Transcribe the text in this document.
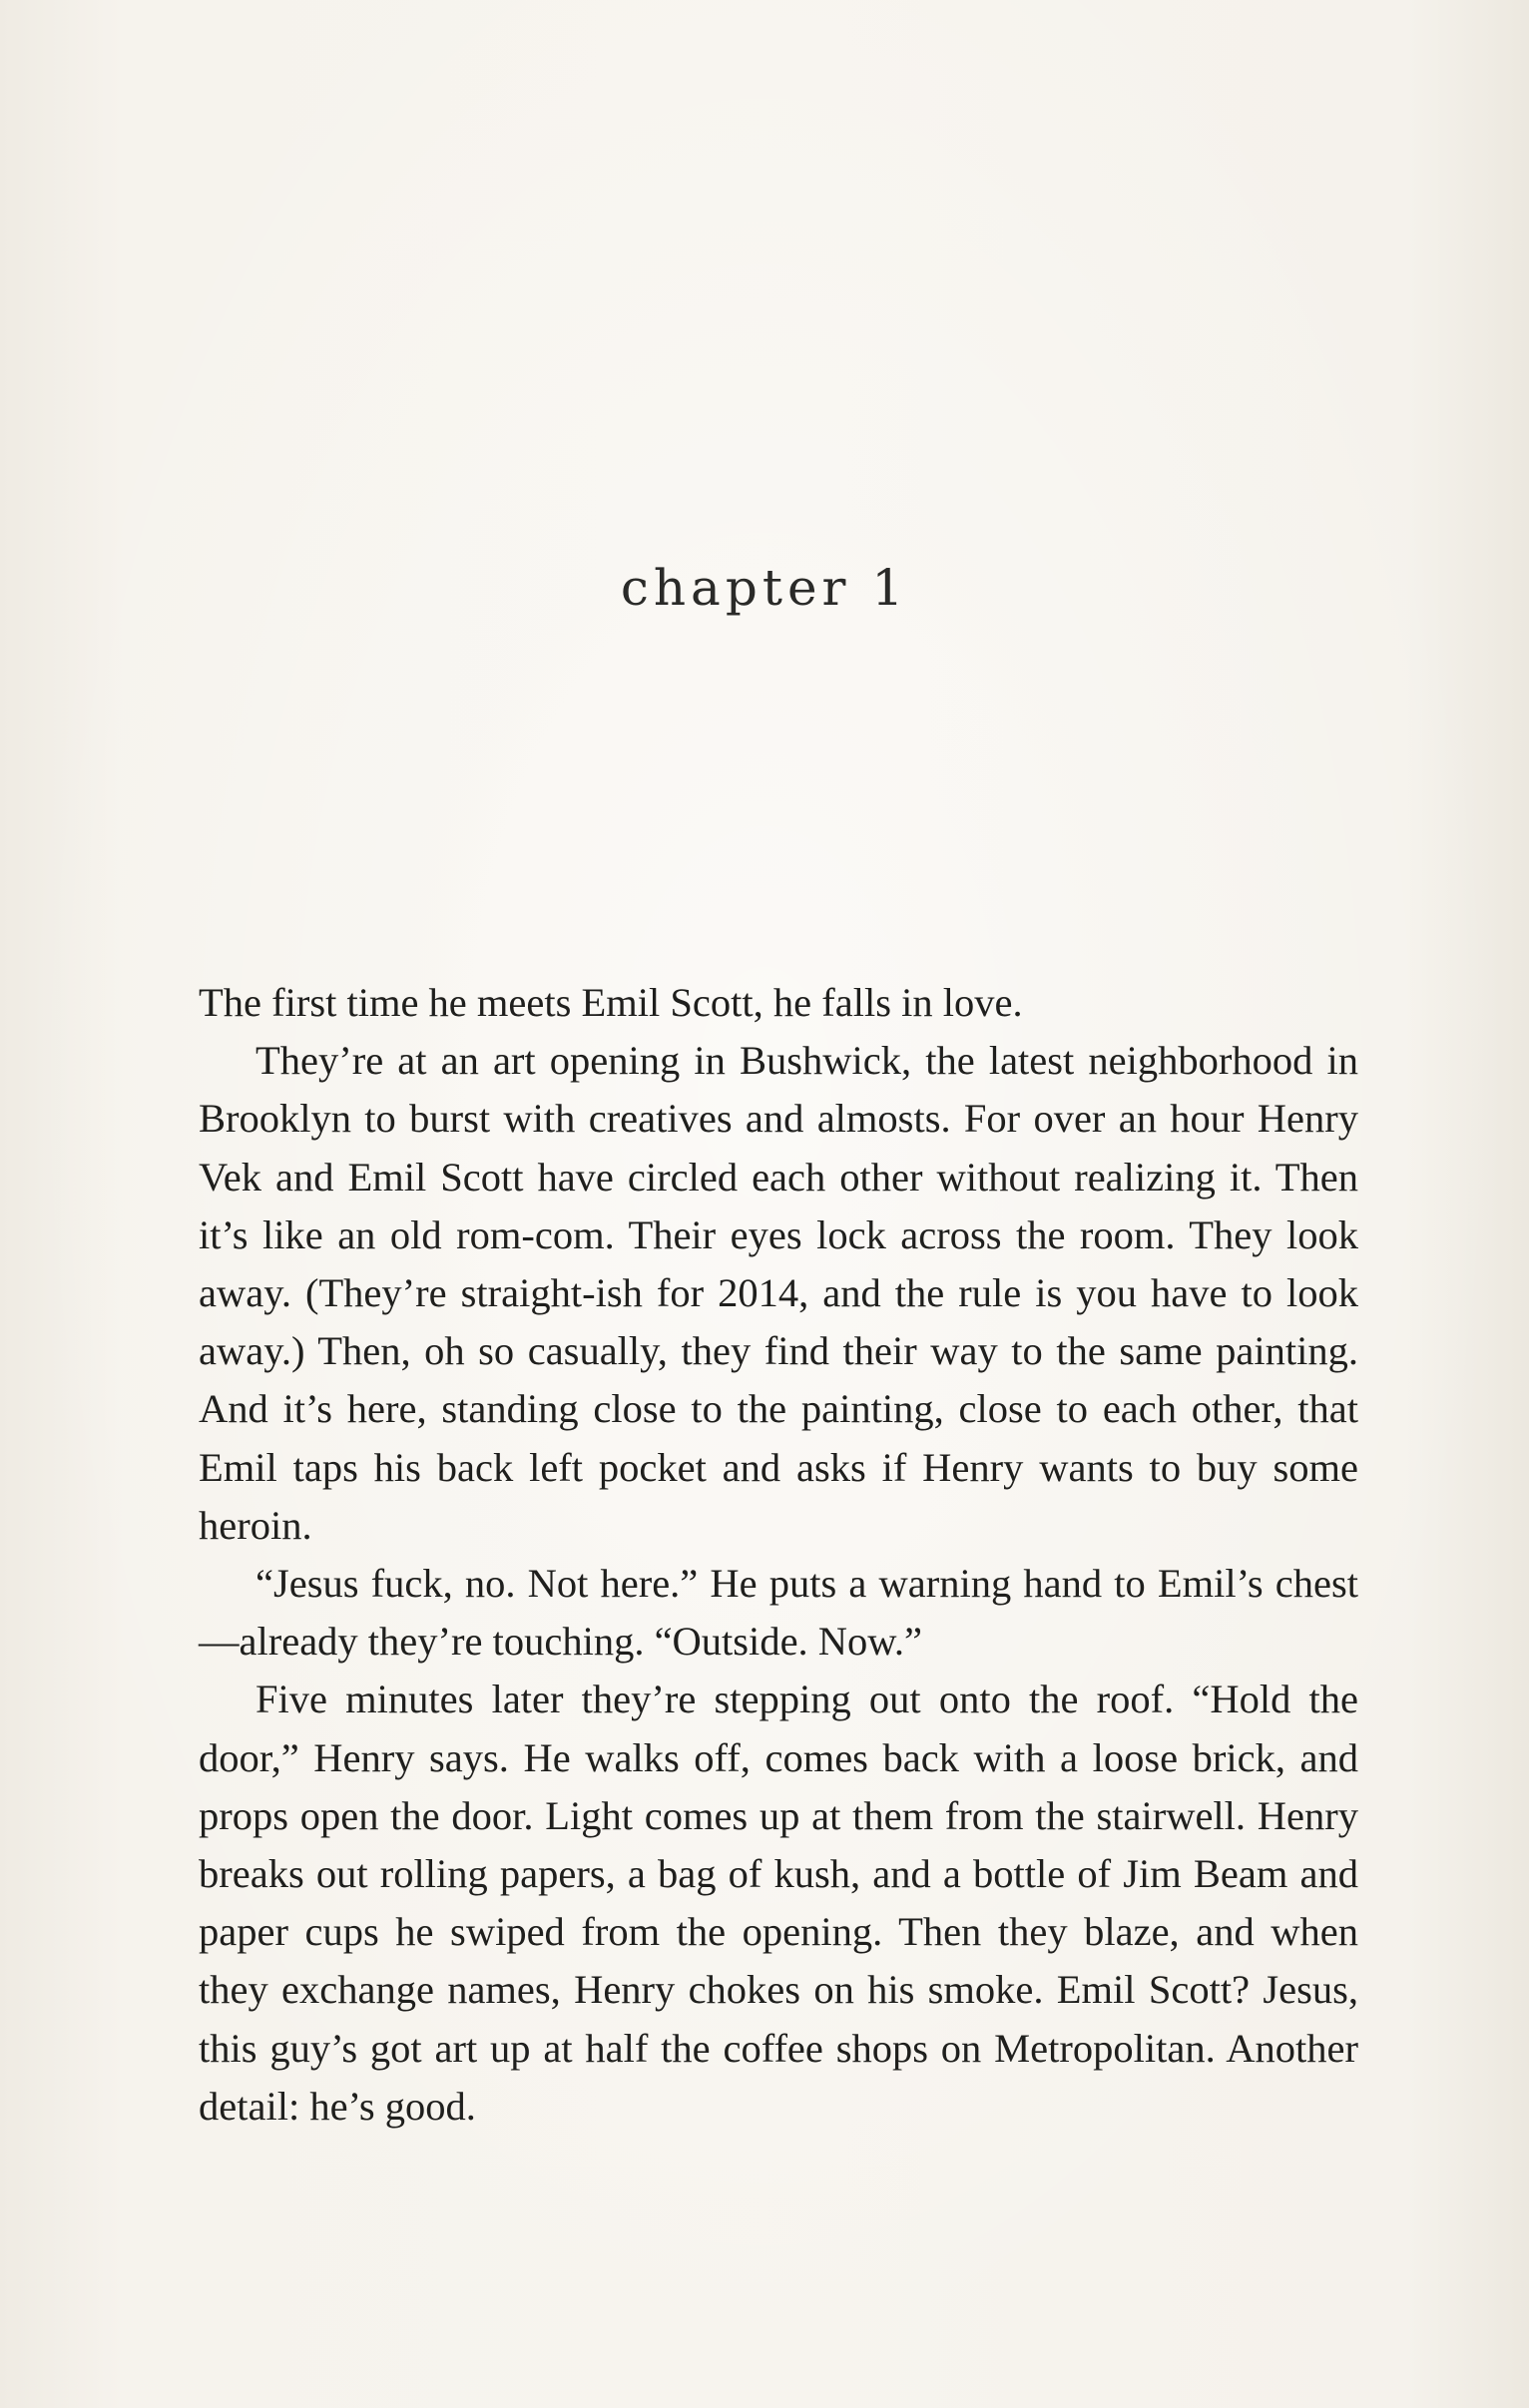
chapter 1

The first time he meets Emil Scott, he falls in love.

They’re at an art opening in Bushwick, the latest neighborhood in Brooklyn to burst with creatives and almosts. For over an hour Henry Vek and Emil Scott have circled each other without realizing it. Then it’s like an old rom-com. Their eyes lock across the room. They look away. (They’re straight-ish for 2014, and the rule is you have to look away.) Then, oh so casually, they find their way to the same painting. And it’s here, standing close to the painting, close to each other, that Emil taps his back left pocket and asks if Henry wants to buy some heroin.

“Jesus fuck, no. Not here.” He puts a warning hand to Emil’s chest—already they’re touching. “Outside. Now.”

Five minutes later they’re stepping out onto the roof. “Hold the door,” Henry says. He walks off, comes back with a loose brick, and props open the door. Light comes up at them from the stairwell. Henry breaks out rolling papers, a bag of kush, and a bottle of Jim Beam and paper cups he swiped from the opening. Then they blaze, and when they exchange names, Henry chokes on his smoke. Emil Scott? Jesus, this guy’s got art up at half the coffee shops on Metropolitan. Another detail: he’s good.
